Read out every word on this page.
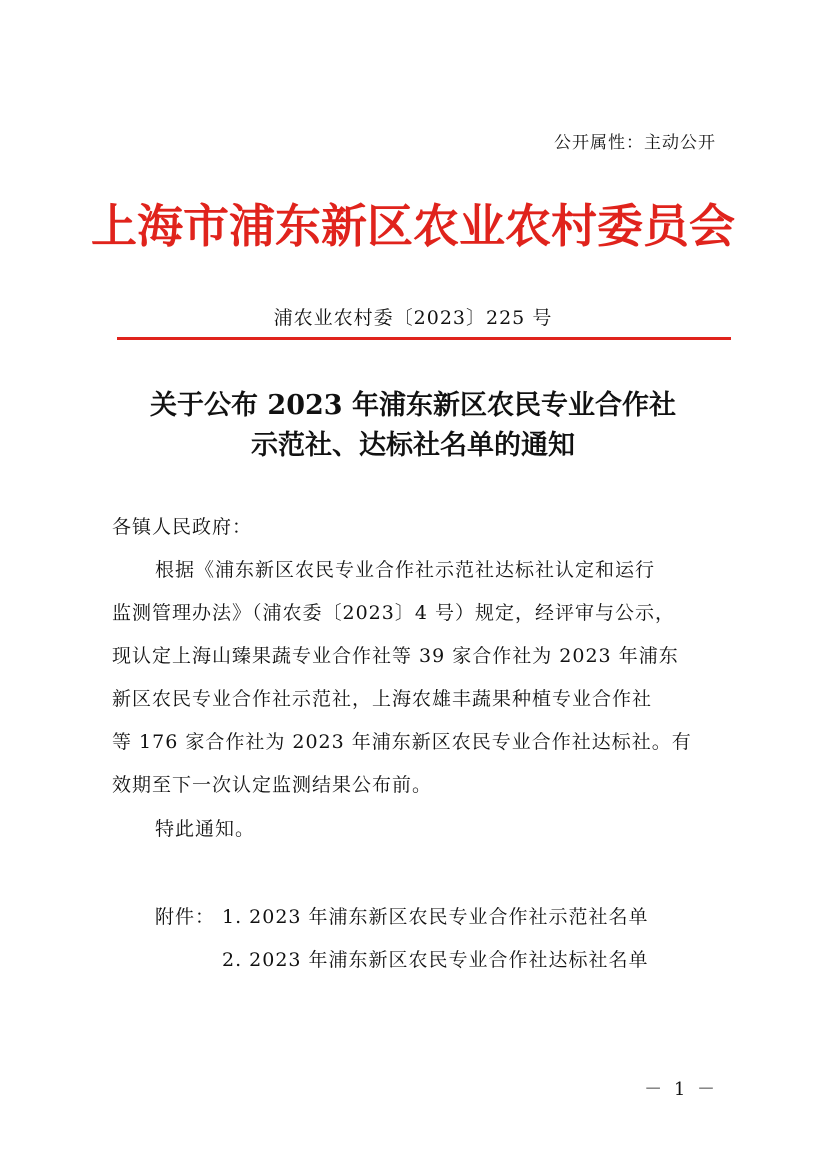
公开属性：主动公开
上海市浦东新区农业农村委员会
浦农业农村委〔2023〕225 号
关于公布 2023 年浦东新区农民专业合作社
示范社、达标社名单的通知
各镇人民政府：
根据《浦东新区农民专业合作社示范社达标社认定和运行
监测管理办法》（浦农委〔2023〕4 号）规定，经评审与公示，
现认定上海山臻果蔬专业合作社等 39 家合作社为 2023 年浦东
新区农民专业合作社示范社，上海农雄丰蔬果种植专业合作社
等 176 家合作社为 2023 年浦东新区农民专业合作社达标社。有
效期至下一次认定监测结果公布前。
特此通知。
附件： 1. 2023 年浦东新区农民专业合作社示范社名单
2. 2023 年浦东新区农民专业合作社达标社名单
－ 1 －
